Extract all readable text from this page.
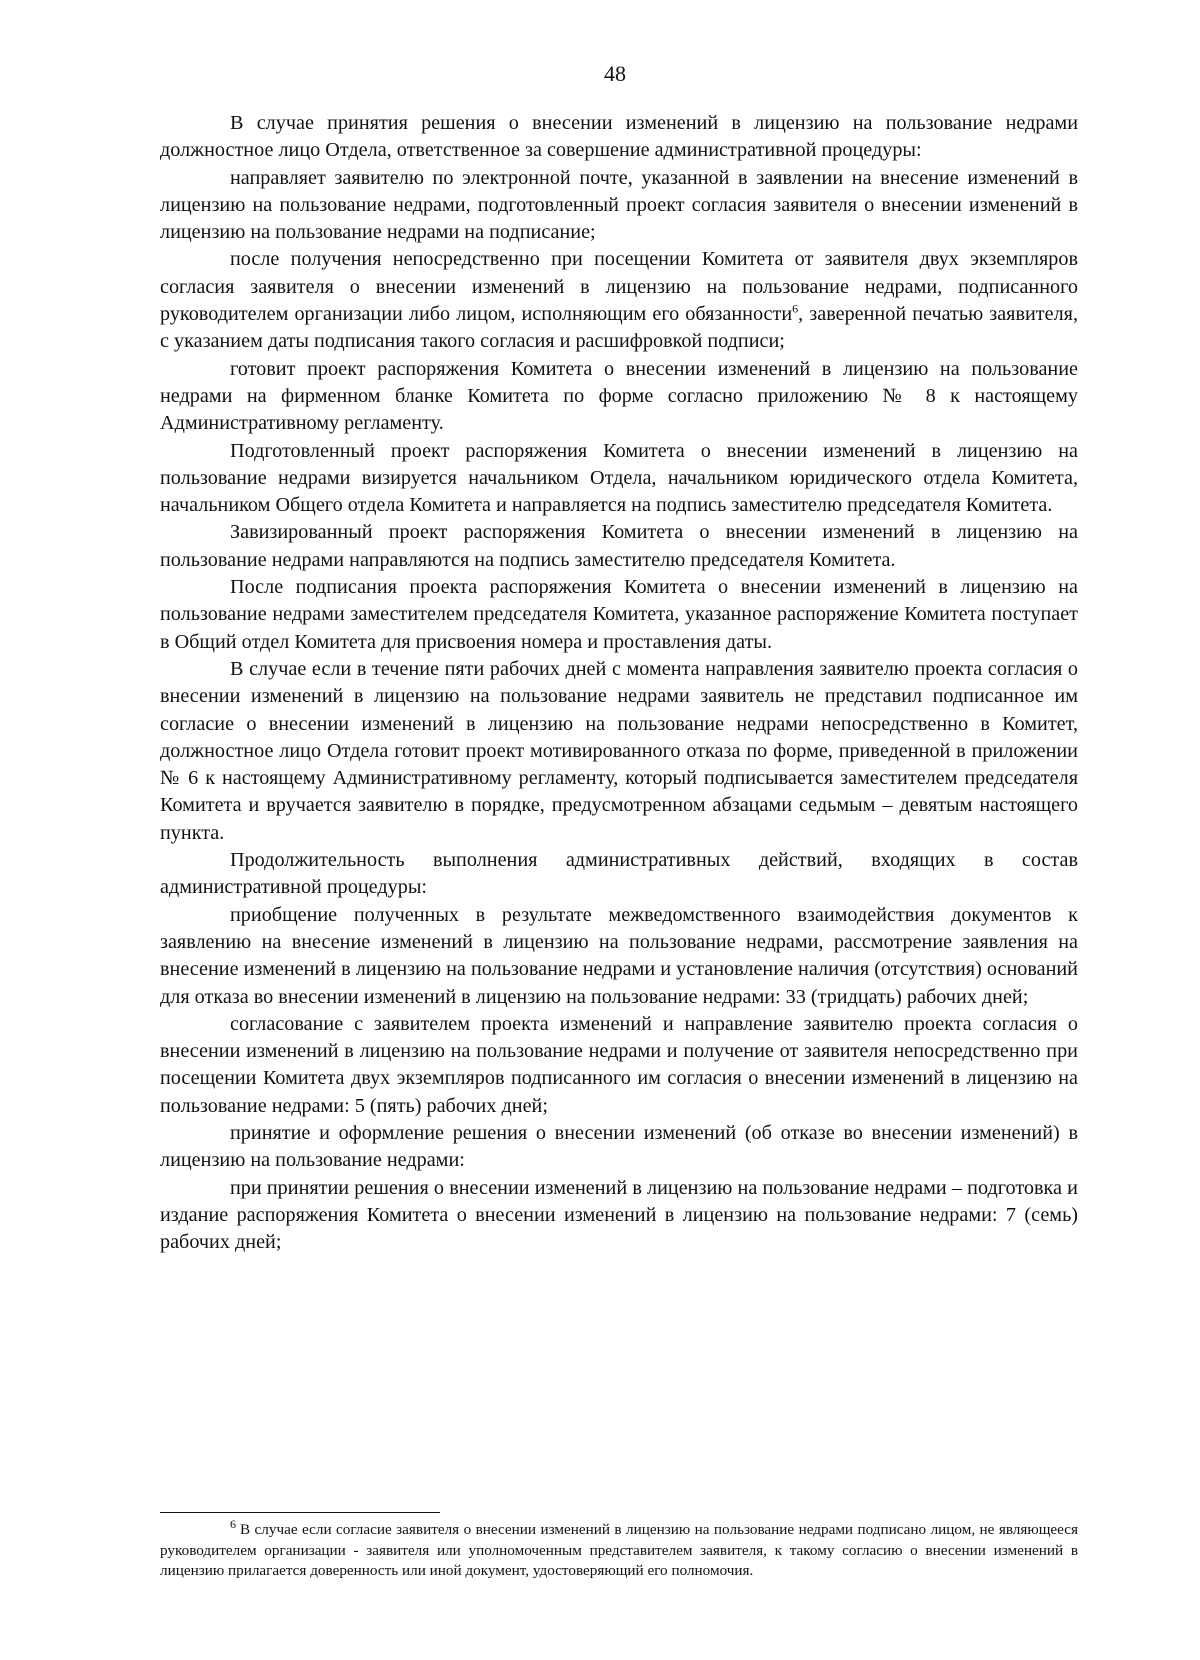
48

В случае принятия решения о внесении изменений в лицензию на пользование недрами должностное лицо Отдела, ответственное за совершение административной процедуры:

направляет заявителю по электронной почте, указанной в заявлении на внесение изменений в лицензию на пользование недрами, подготовленный проект согласия заявителя о внесении изменений в лицензию на пользование недрами на подписание;

после получения непосредственно при посещении Комитета от заявителя двух экземпляров согласия заявителя о внесении изменений в лицензию на пользование недрами, подписанного руководителем организации либо лицом, исполняющим его обязанности$^6$, заверенной печатью заявителя, с указанием даты подписания такого согласия и расшифровкой подписи;

готовит проект распоряжения Комитета о внесении изменений в лицензию на пользование недрами на фирменном бланке Комитета по форме согласно приложению № 8 к настоящему Административному регламенту.

Подготовленный проект распоряжения Комитета о внесении изменений в лицензию на пользование недрами визируется начальником Отдела, начальником юридического отдела Комитета, начальником Общего отдела Комитета и направляется на подпись заместителю председателя Комитета.

Завизированный проект распоряжения Комитета о внесении изменений в лицензию на пользование недрами направляются на подпись заместителю председателя Комитета.

После подписания проекта распоряжения Комитета о внесении изменений в лицензию на пользование недрами заместителем председателя Комитета, указанное распоряжение Комитета поступает в Общий отдел Комитета для присвоения номера и проставления даты.

В случае если в течение пяти рабочих дней с момента направления заявителю проекта согласия о внесении изменений в лицензию на пользование недрами заявитель не представил подписанное им согласие о внесении изменений в лицензию на пользование недрами непосредственно в Комитет, должностное лицо Отдела готовит проект мотивированного отказа по форме, приведенной в приложении № 6 к настоящему Административному регламенту, который подписывается заместителем председателя Комитета и вручается заявителю в порядке, предусмотренном абзацами седьмым – девятым настоящего пункта.

Продолжительность выполнения административных действий, входящих в состав административной процедуры:

приобщение полученных в результате межведомственного взаимодействия документов к заявлению на внесение изменений в лицензию на пользование недрами, рассмотрение заявления на внесение изменений в лицензию на пользование недрами и установление наличия (отсутствия) оснований для отказа во внесении изменений в лицензию на пользование недрами: 33 (тридцать) рабочих дней;

согласование с заявителем проекта изменений и направление заявителю проекта согласия о внесении изменений в лицензию на пользование недрами и получение от заявителя непосредственно при посещении Комитета двух экземпляров подписанного им согласия о внесении изменений в лицензию на пользование недрами: 5 (пять) рабочих дней;

принятие и оформление решения о внесении изменений (об отказе во внесении изменений) в лицензию на пользование недрами:

при принятии решения о внесении изменений в лицензию на пользование недрами – подготовка и издание распоряжения Комитета о внесении изменений в лицензию на пользование недрами: 7 (семь) рабочих дней;

$^6$ В случае если согласие заявителя о внесении изменений в лицензию на пользование недрами подписано лицом, не являющееся руководителем организации - заявителя или уполномоченным представителем заявителя, к такому согласию о внесении изменений в лицензию прилагается доверенность или иной документ, удостоверяющий его полномочия.
